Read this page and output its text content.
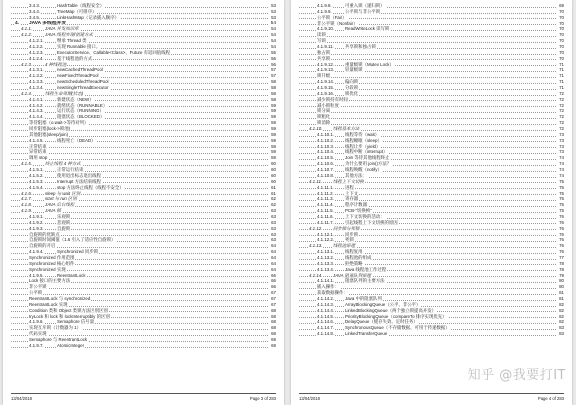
3.4.3.	HashTable（线程安全）	53
3.4.4.	TreeMap（可排序）	53
3.4.5.	LinkHashMap（记录插入顺序）	53
4. JAVA 多线程并发	54
4.1.1.	JAVA 并发知识库	54
4.1.2.	JAVA 线程实现/创建方式	54
4.1.2.1.	继承 Thread 类	54
4.1.2.2.	实现 Runnable 接口。	54
4.1.2.3.	ExecutorService、Callable<Class>、Future 有返回值线程	55
4.1.2.4.	基于线程池的方式	56
4.1.3.	4 种线程池	56
4.1.3.1.	newCachedThreadPool	57
4.1.3.2.	newFixedThreadPool	57
4.1.3.3.	newScheduledThreadPool	58
4.1.3.4.	newSingleThreadExecutor	58
4.1.4.	线程生命周期(状态)	58
4.1.4.1.	新建状态（NEW）	58
4.1.4.2.	就绪状态（RUNNABLE）	59
4.1.4.3.	运行状态（RUNNING）	59
4.1.4.4.	阻塞状态（BLOCKED）	59
等待阻塞（o.wait->等待对列）	59
同步阻塞(lock->锁池)	59
其他阻塞(sleep/join)	59
4.1.4.5.	线程死亡（DEAD）	59
正常结束	59
异常结束	59
调用 stop	59
4.1.5.	终止线程 4 种方式	60
4.1.5.1.	正常运行结束	60
4.1.5.2.	使用退出标志退出线程	60
4.1.5.3.	Interrupt 方法结束线程	60
4.1.5.4.	stop 方法终止线程（线程不安全）	61
4.1.6.	sleep 与 wait 区别	61
4.1.7.	start 与 run 区别	62
4.1.8.	JAVA 后台线程	62
4.1.9.	JAVA 锁	63
4.1.9.1.	乐观锁	63
4.1.9.2.	悲观锁	63
4.1.9.3.	自旋锁	63
自旋锁的优缺点	63
自旋锁时间阈值（1.6 引入了适应性自旋锁）	63
自旋锁的开启	64
4.1.9.4.	Synchronized 同步锁	64
Synchronized 作用范围	64
Synchronized 核心组件	64
Synchronized 实现	64
4.1.9.5.	ReentrantLock	66
Lock 接口的主要方法	66
非公平锁	66
公平锁	67
ReentrantLock 与 synchronized	67
ReentrantLock 实现	67
Condition 类和 Object 类锁方法区别区别	68
tryLock 和 lock 和 lockInterruptibly 的区别	68
4.1.9.6.	Semaphore 信号量	68
实现互斥锁（计数器为 1）	68
代码实现	68
Semaphore 与 ReentrantLock	69
4.1.9.7.	AtomicInteger	69
13/04/2018	Page 3 of 283
4.1.9.8.	可重入锁（递归锁）	69
4.1.9.9.	公平锁与非公平锁	70
公平锁（Fair）	70
非公平锁（Nonfair）	70
4.1.9.10. ReadWriteLock 读写锁	70
读锁	70
写锁	70
4.1.9.11.	共享锁和独占锁	70
独占锁	70
共享锁	70
4.1.9.12. 重量级锁（Mutex Lock）	71
4.1.9.13. 轻量级锁	71
锁升级	71
4.1.9.14. 偏向锁	71
4.1.9.15. 分段锁	71
4.1.9.16. 锁优化	72
减少锁持有时间	72
减小锁粒度	72
锁分离	72
锁粗化	72
锁消除	72
4.1.10. 线程基本方法	72
4.1.10.1. 线程等待（wait）	73
4.1.10.2. 线程睡眠（sleep）	73
4.1.10.3. 线程让步（yield）	73
4.1.10.4. 线程中断（interrupt）	73
4.1.10.5. Join 等待其他线程终止	74
4.1.10.6. 为什么要用 join()方法？	74
4.1.10.7. 线程唤醒（notify）	74
4.1.10.8. 其他方法：	74
4.1.11. 线程上下文切换	75
4.1.11.1.	进程	75
4.1.11.2.	上下文	75
4.1.11.3.	寄存器	75
4.1.11.4.	程序计数器	75
4.1.11.5.	PCB-“切换桢”	75
4.1.11.6.	上下文切换的活动：	76
4.1.11.7.	引起线程上下文切换的原因	76
4.1.12. 同步锁与死锁	76
4.1.12.1. 同步锁	76
4.1.12.2. 死锁	76
4.1.13. 线程池原理	76
4.1.13.1. 线程复用	76
4.1.13.2. 线程池的组成	77
4.1.13.3. 拒绝策略	78
4.1.13.4. Java 线程池工作过程	78
4.1.14. JAVA 阻塞队列原理	79
4.1.14.1. 阻塞队列的主要方法	80
插入操作：	80
获取数据操作：	81
4.1.14.2. Java 中的阻塞队列	81
4.1.14.3. ArrayBlockingQueue（公平、非公平）	82
4.1.14.4. LinkedBlockingQueue（两个独立锁提高并发）	82
4.1.14.5. PriorityBlockingQueue（compareTo 排序实现优先）	82
4.1.14.6. DelayQueue（缓存失效、定时任务）	82
4.1.14.7. SynchronousQueue（不存储数据、可用于传递数据）	83
4.1.14.8. LinkedTransferQueue	83
13/04/2018	Page 4 of 283
知乎 @我要打IT
